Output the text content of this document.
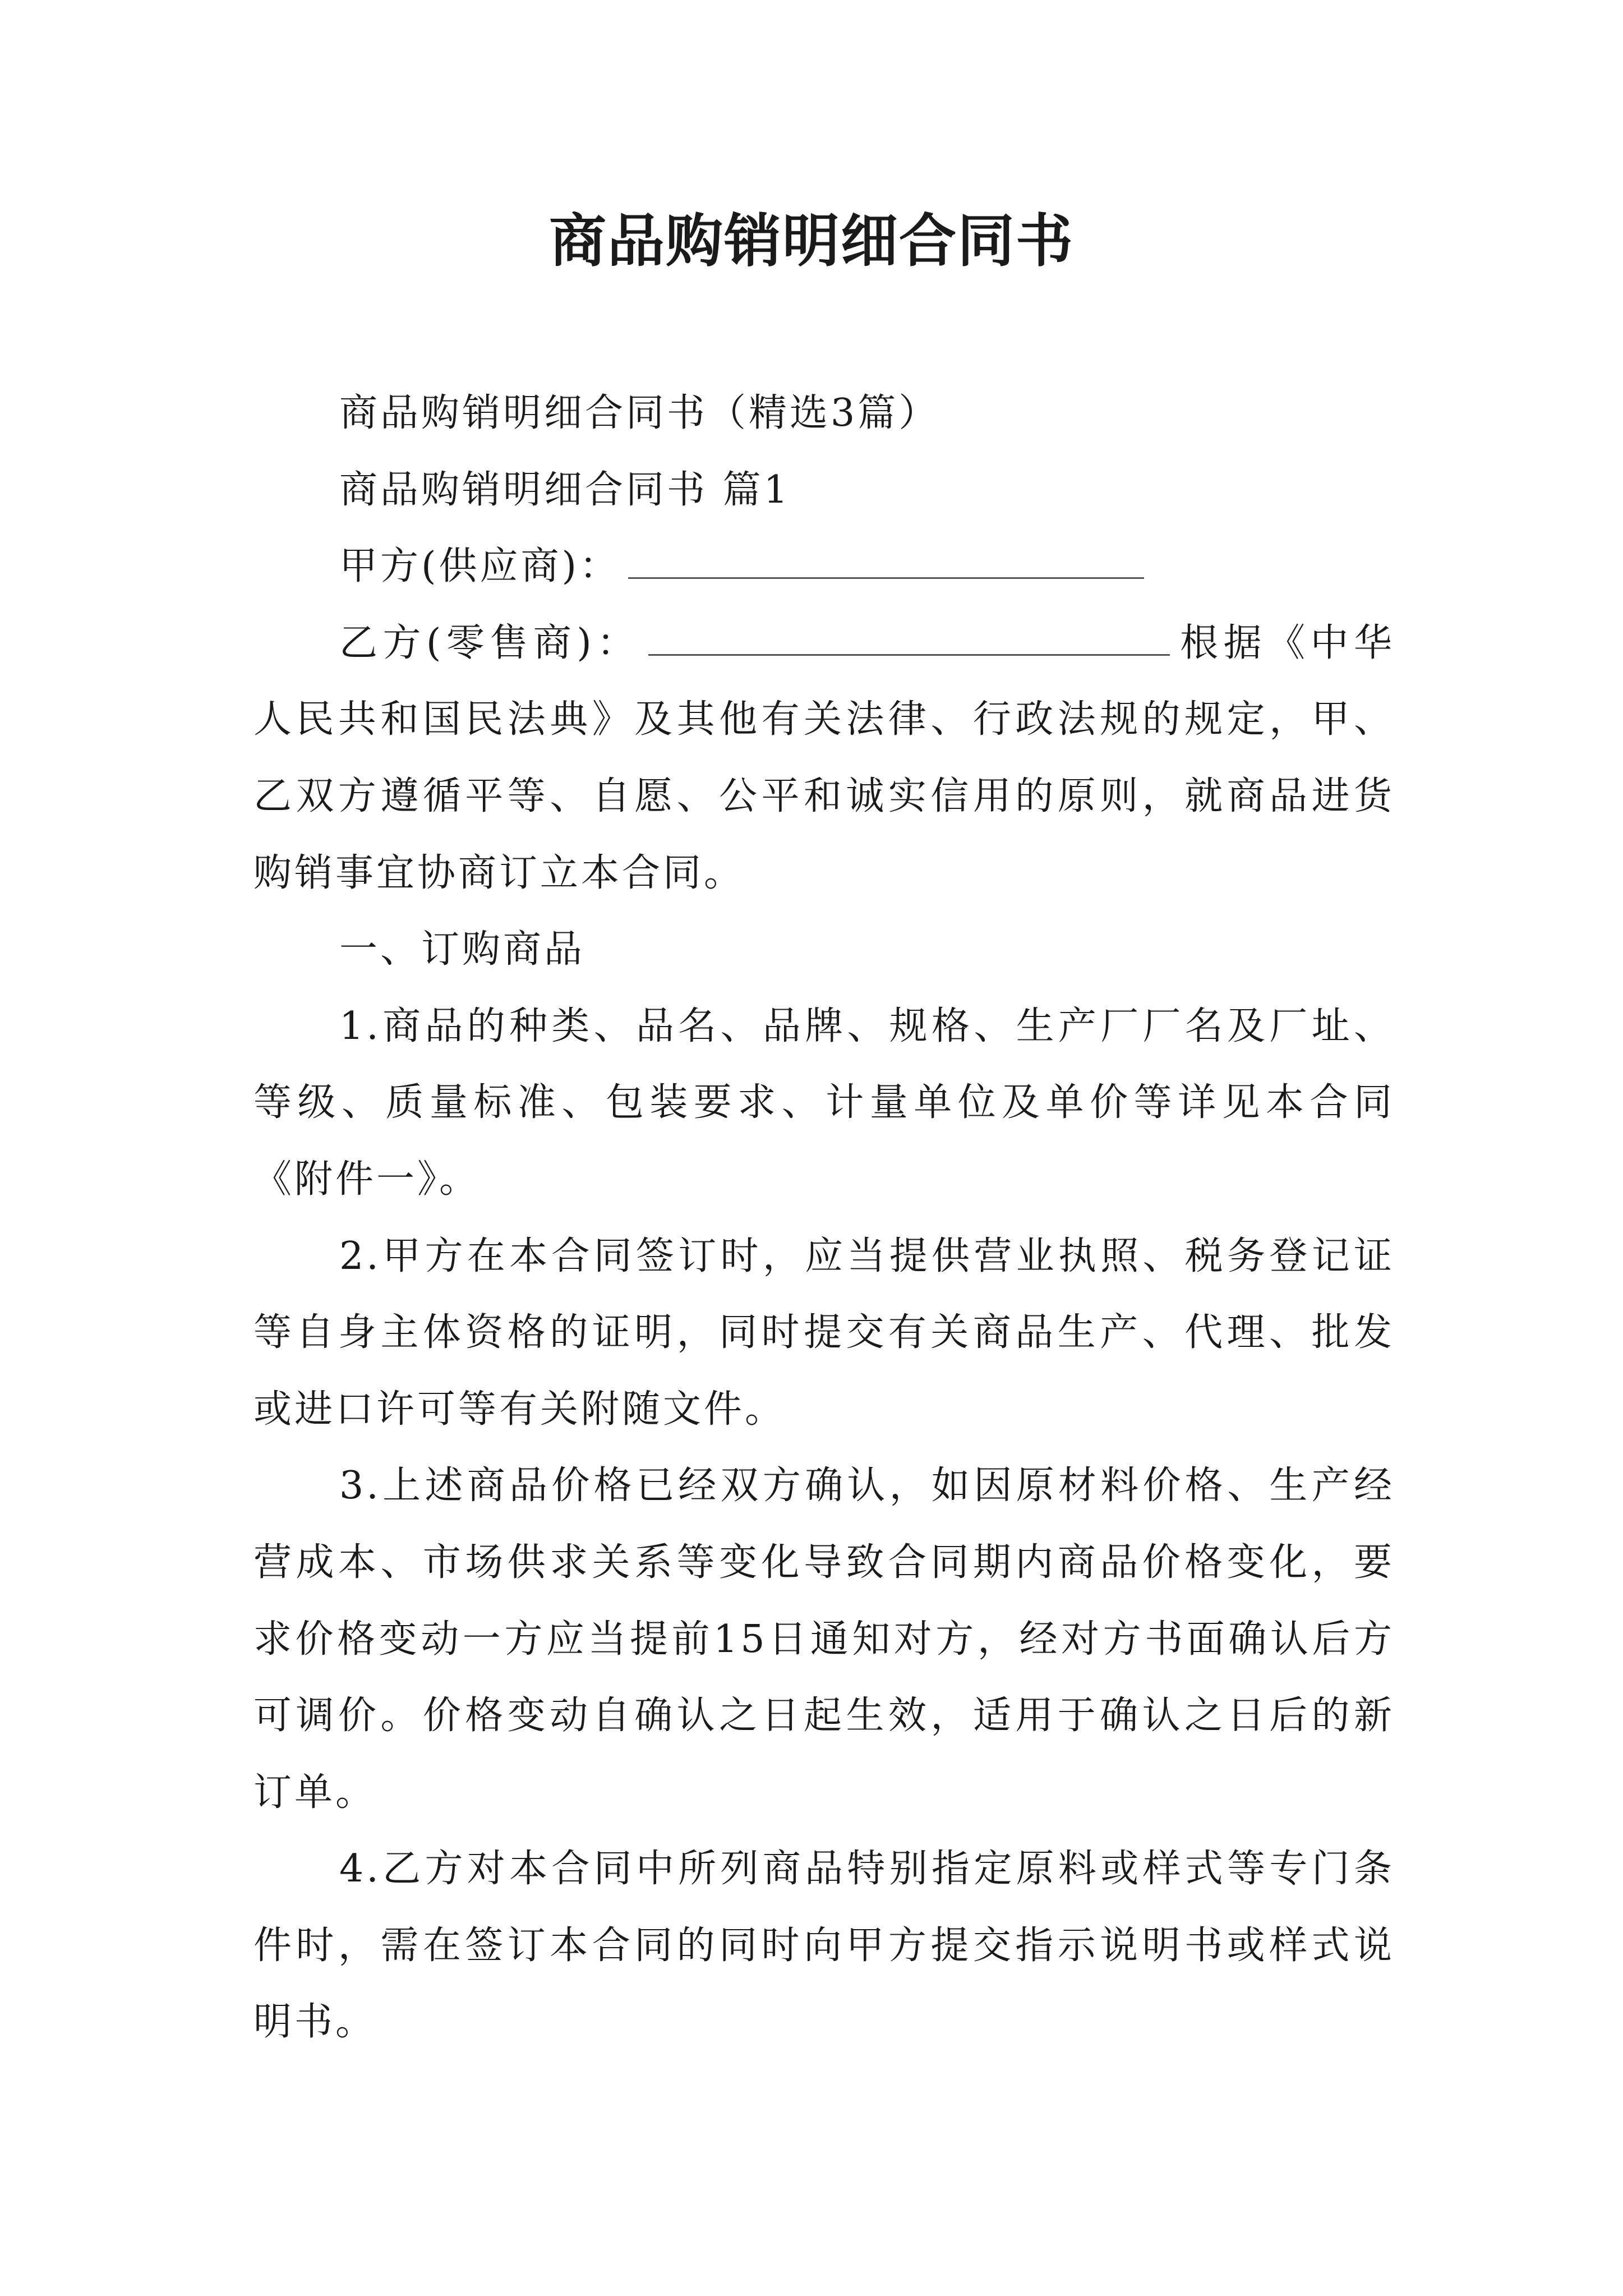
商品购销明细合同书

商品购销明细合同书（精选3篇）

商品购销明细合同书 篇1

甲方(供应商)：

乙方(零售商)：	根据《中华人民共和国民法典》及其他有关法律、行政法规的规定，甲、乙双方遵循平等、自愿、公平和诚实信用的原则，就商品进货购销事宜协商订立本合同。

一、订购商品

1.商品的种类、品名、品牌、规格、生产厂厂名及厂址、等级、质量标准、包装要求、计量单位及单价等详见本合同《附件一》。

2.甲方在本合同签订时，应当提供营业执照、税务登记证等自身主体资格的证明，同时提交有关商品生产、代理、批发或进口许可等有关附随文件。

3.上述商品价格已经双方确认，如因原材料价格、生产经营成本、市场供求关系等变化导致合同期内商品价格变化，要求价格变动一方应当提前15日通知对方，经对方书面确认后方可调价。价格变动自确认之日起生效，适用于确认之日后的新订单。

4.乙方对本合同中所列商品特别指定原料或样式等专门条件时，需在签订本合同的同时向甲方提交指示说明书或样式说明书。
